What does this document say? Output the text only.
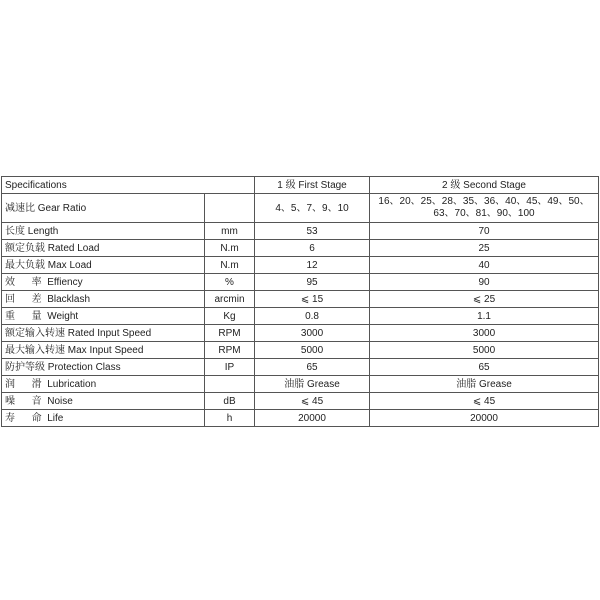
Specifications		1 级 First Stage	2 级 Second Stage
减速比 Gear Ratio		4、5、7、9、10	16、20、25、28、35、36、40、45、49、50、63、70、81、90、100

长度 Length	mm	53	70
额定负载 Rated Load	N.m	6	25
最大负载 Max Load	N.m	12	40
效      率  Effiency	%	95	90
回      差  Blacklash	arcmin	⩽ 15	⩽ 25
重      量  Weight	Kg	0.8	1.1
额定输入转速 Rated Input Speed	RPM	3000	3000
最大输入转速 Max Input Speed	RPM	5000	5000
防护等级 Protection Class	IP	65	65
润      滑  Lubrication		油脂 Grease	油脂 Grease
噪      音  Noise	dB	⩽ 45	⩽ 45
寿      命  Life	h	20000	20000
